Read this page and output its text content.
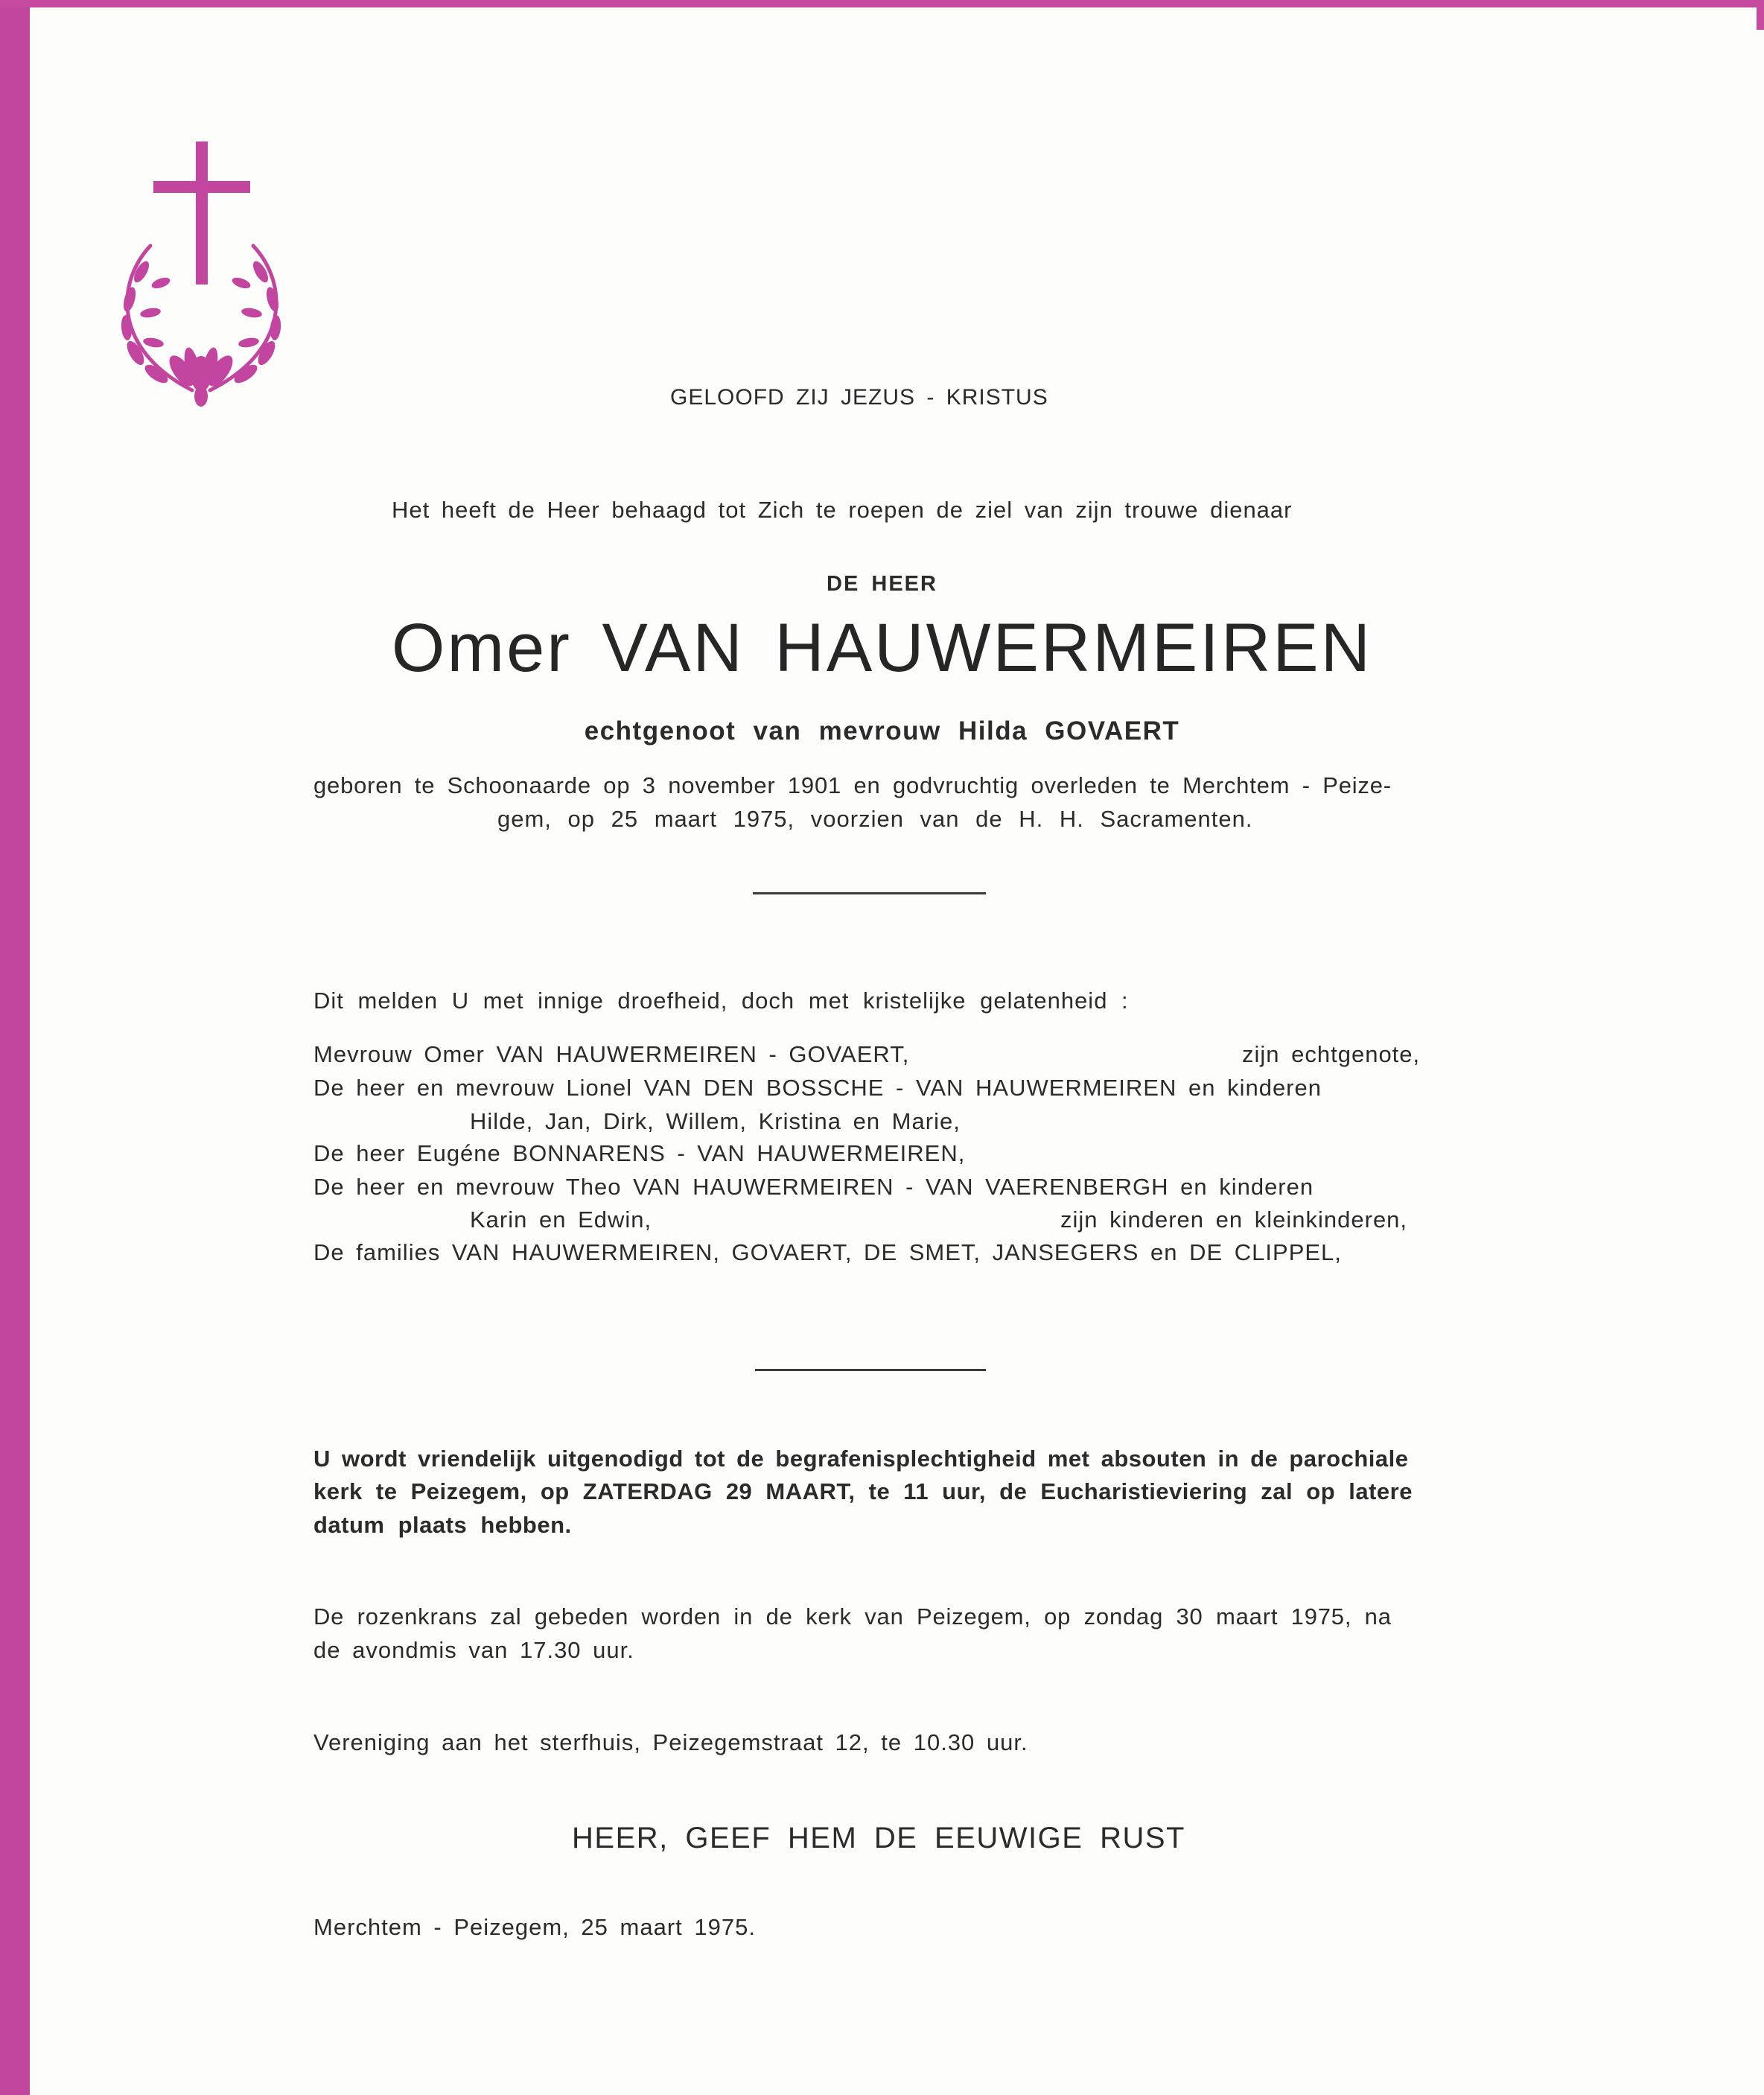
GELOOFD ZIJ JEZUS - KRISTUS
Het heeft de Heer behaagd tot Zich te roepen de ziel van zijn trouwe dienaar
DE HEER
Omer VAN HAUWERMEIREN
echtgenoot van mevrouw Hilda GOVAERT
geboren te Schoonaarde op 3 november 1901 en godvruchtig overleden te Merchtem - Peize-
gem, op 25 maart 1975, voorzien van de H. H. Sacramenten.
Dit melden U met innige droefheid, doch met kristelijke gelatenheid :
Mevrouw Omer VAN HAUWERMEIREN - GOVAERT,	zijn echtgenote,
De heer en mevrouw Lionel VAN DEN BOSSCHE - VAN HAUWERMEIREN en kinderen
Hilde, Jan, Dirk, Willem, Kristina en Marie,
De heer Eugéne BONNARENS - VAN HAUWERMEIREN,
De heer en mevrouw Theo VAN HAUWERMEIREN - VAN VAERENBERGH en kinderen
Karin en Edwin,	zijn kinderen en kleinkinderen,
De families VAN HAUWERMEIREN, GOVAERT, DE SMET, JANSEGERS en DE CLIPPEL,
U wordt vriendelijk uitgenodigd tot de begrafenisplechtigheid met absouten in de parochiale
kerk te Peizegem, op ZATERDAG 29 MAART, te 11 uur, de Eucharistieviering zal op latere
datum plaats hebben.
De rozenkrans zal gebeden worden in de kerk van Peizegem, op zondag 30 maart 1975, na
de avondmis van 17.30 uur.
Vereniging aan het sterfhuis, Peizegemstraat 12, te 10.30 uur.
HEER, GEEF HEM DE EEUWIGE RUST
Merchtem - Peizegem, 25 maart 1975.
